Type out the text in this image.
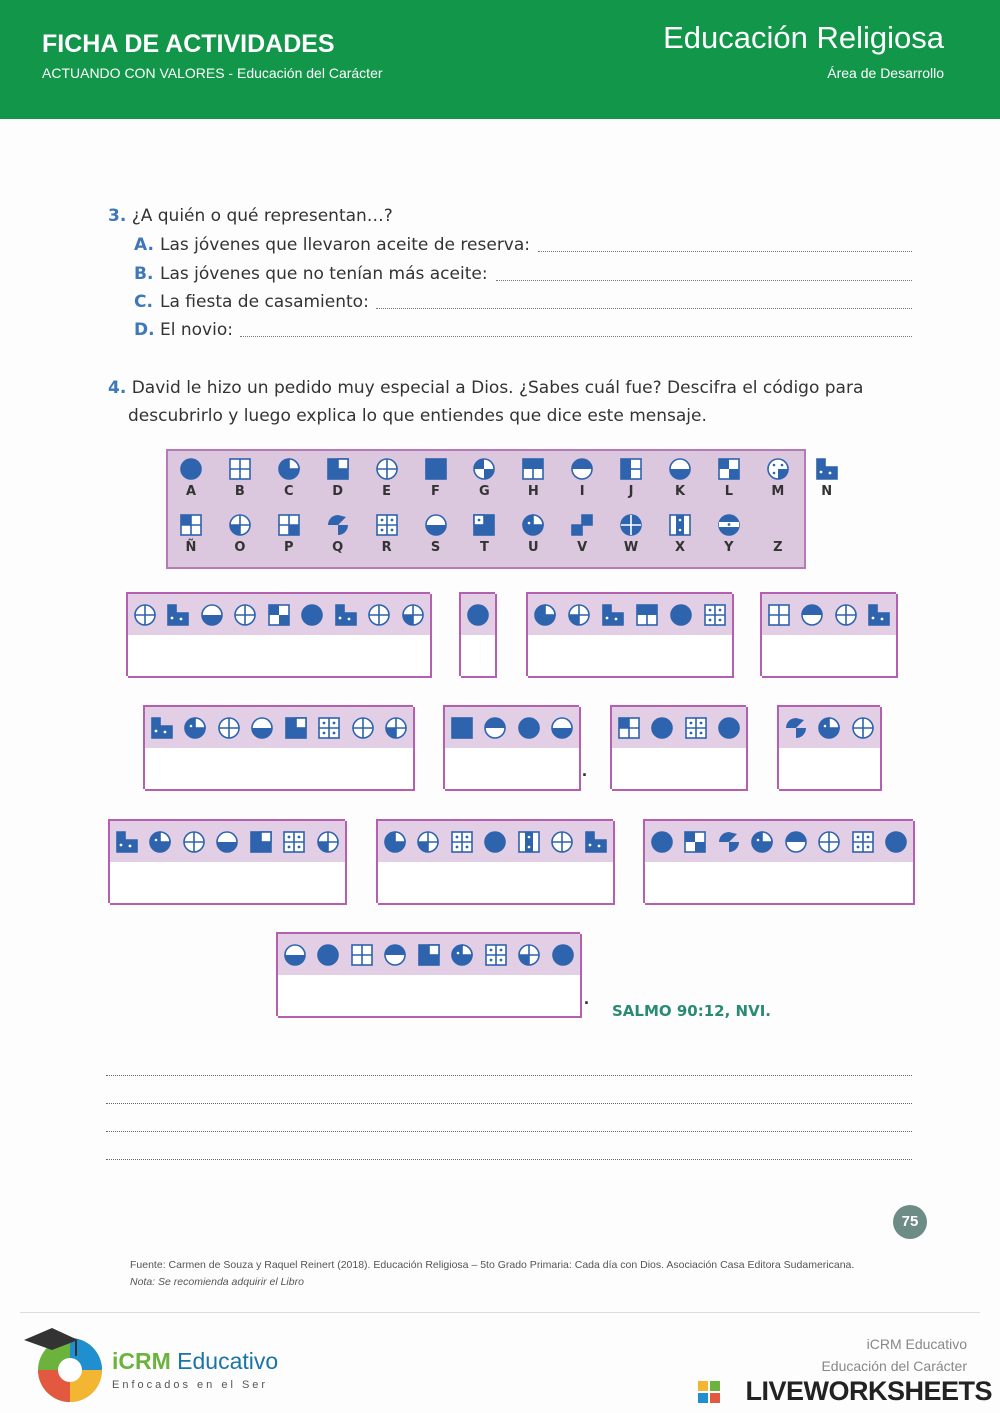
FICHA DE ACTIVIDADES
ACTUANDO CON VALORES - Educación del Carácter
Educación Religiosa
Área de Desarrollo
3. ¿A quién o qué representan…?
A. Las jóvenes que llevaron aceite de reserva:
B. Las jóvenes que no tenían más aceite:
C. La fiesta de casamiento:
D. El novio:
4. David le hizo un pedido muy especial a Dios. ¿Sabes cuál fue? Descifra el código para
descubrirlo y luego explica lo que entiendes que dice este mensaje.
A	B	C	D	E	F	G	H	I	J	K	L	M	N
Ñ	O	P	Q	R	S	T	U	V	W	X	Y	Z
.
.
SALMO 90:12, NVI.
75
Fuente: Carmen de Souza y Raquel Reinert (2018). Educación Religiosa – 5to Grado Primaria: Cada día con Dios. Asociación Casa Editora Sudamericana.
Nota: Se recomienda adquirir el Libro
iCRM Educativo
Enfocados en el Ser
iCRM Educativo
Educación del Carácter
LIVEWORKSHEETS
